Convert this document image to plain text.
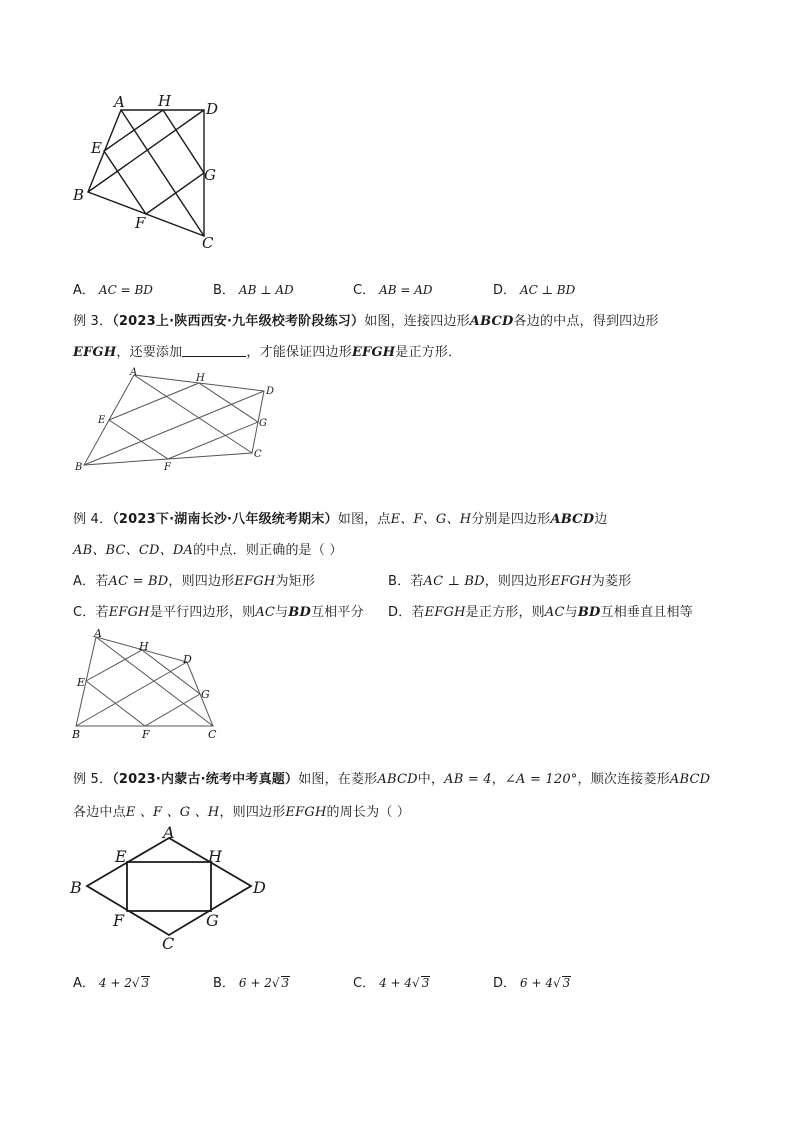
A H D
E
G
B
F
C
A． AC = BD	B． AB ⊥ AD	C． AB = AD	D． AC ⊥ BD
例 3．（2023上·陕西西安·九年级校考阶段练习）如图，连接四边形ABCD各边的中点，得到四边形
EFGH，还要添加	，才能保证四边形EFGH是正方形．
A
H
D
E	G
B	F
C
例 4．（2023下·湖南长沙·八年级统考期末）如图，点E、F、G、H分别是四边形ABCD边
AB、BC、CD、DA的中点．则正确的是（ ）
A．若AC = BD，则四边形EFGH为矩形	B．若AC ⊥ BD，则四边形EFGH为菱形
C．若EFGH是平行四边形，则AC与BD互相平分 D．若EFGH是正方形，则AC与BD互相垂直且相等
A
H
D
E
G
B	F	C
例 5．（2023·内蒙古·统考中考真题）如图，在菱形ABCD中，AB = 4，∠A = 120°，顺次连接菱形ABCD
各边中点E 、F 、G 、H，则四边形EFGH的周长为（ ）
A
E	H
B	D
F	G
C
A． 4 + 2√ 3	B． 6 + 2√ 3	C． 4 + 4√ 3	D． 6 + 4√ 3
